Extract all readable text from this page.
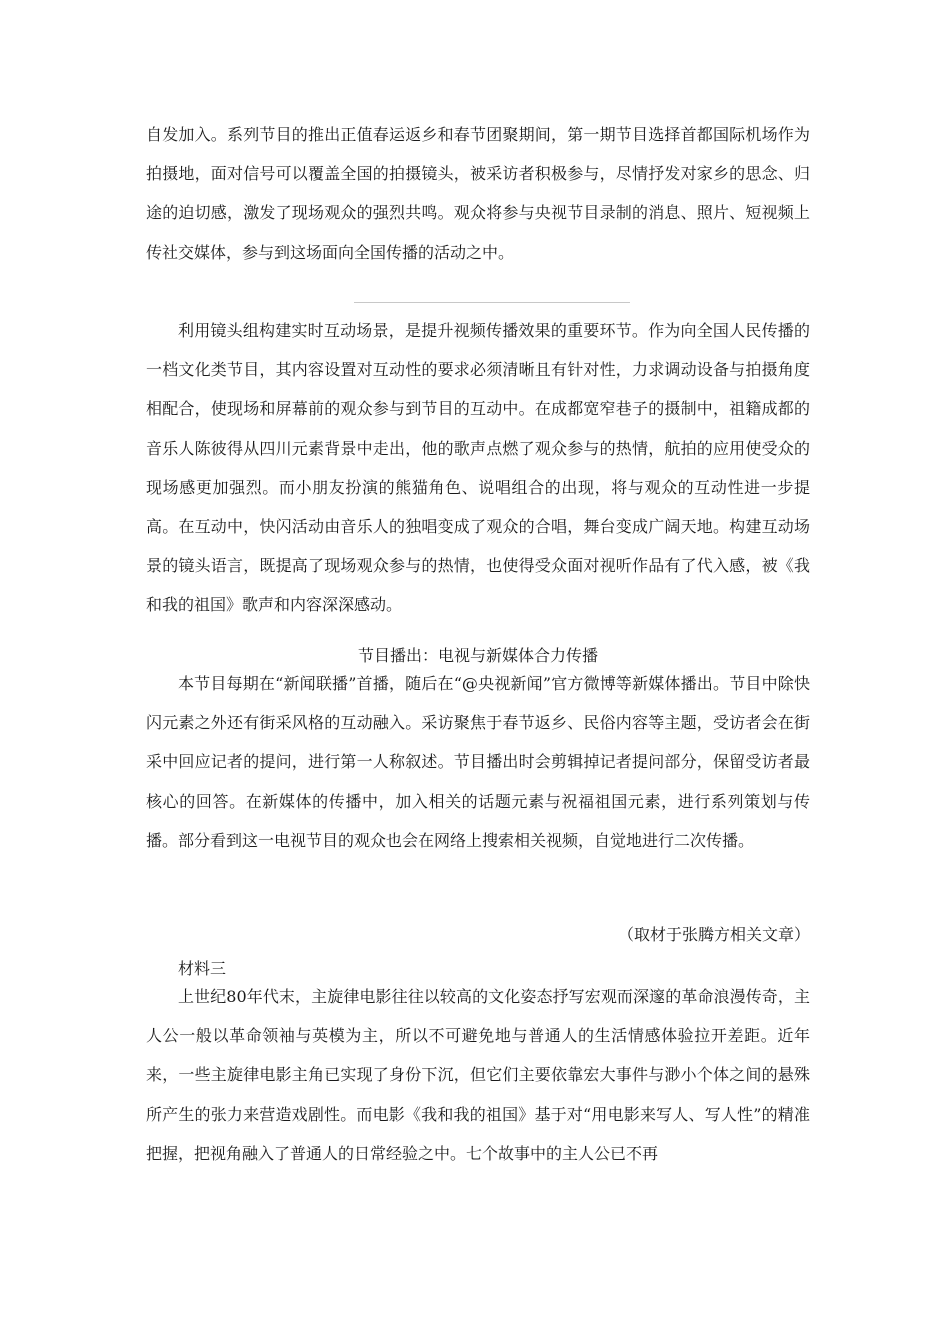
自发加入。系列节目的推出正值春运返乡和春节团聚期间，第一期节目选择首都国际机场作为拍摄地，面对信号可以覆盖全国的拍摄镜头，被采访者积极参与，尽情抒发对家乡的思念、归途的迫切感，激发了现场观众的强烈共鸣。观众将参与央视节目录制的消息、照片、短视频上传社交媒体，参与到这场面向全国传播的活动之中。

利用镜头组构建实时互动场景，是提升视频传播效果的重要环节。作为向全国人民传播的一档文化类节目，其内容设置对互动性的要求必须清晰且有针对性，力求调动设备与拍摄角度相配合，使现场和屏幕前的观众参与到节目的互动中。在成都宽窄巷子的摄制中，祖籍成都的音乐人陈彼得从四川元素背景中走出，他的歌声点燃了观众参与的热情，航拍的应用使受众的现场感更加强烈。而小朋友扮演的熊猫角色、说唱组合的出现，将与观众的互动性进一步提高。在互动中，快闪活动由音乐人的独唱变成了观众的合唱，舞台变成广阔天地。构建互动场景的镜头语言，既提高了现场观众参与的热情，也使得受众面对视听作品有了代入感，被《我和我的祖国》歌声和内容深深感动。

节目播出：电视与新媒体合力传播

本节目每期在“新闻联播”首播，随后在“@央视新闻”官方微博等新媒体播出。节目中除快闪元素之外还有街采风格的互动融入。采访聚焦于春节返乡、民俗内容等主题，受访者会在街采中回应记者的提问，进行第一人称叙述。节目播出时会剪辑掉记者提问部分，保留受访者最核心的回答。在新媒体的传播中，加入相关的话题元素与祝福祖国元素，进行系列策划与传播。部分看到这一电视节目的观众也会在网络上搜索相关视频，自觉地进行二次传播。

（取材于张腾方相关文章）
材料三

上世纪80年代末，主旋律电影往往以较高的文化姿态抒写宏观而深邃的革命浪漫传奇，主人公一般以革命领袖与英模为主，所以不可避免地与普通人的生活情感体验拉开差距。近年来，一些主旋律电影主角已实现了身份下沉，但它们主要依靠宏大事件与渺小个体之间的悬殊所产生的张力来营造戏剧性。而电影《我和我的祖国》基于对“用电影来写人、写人性”的精准把握，把视角融入了普通人的日常经验之中。七个故事中的主人公已不再
